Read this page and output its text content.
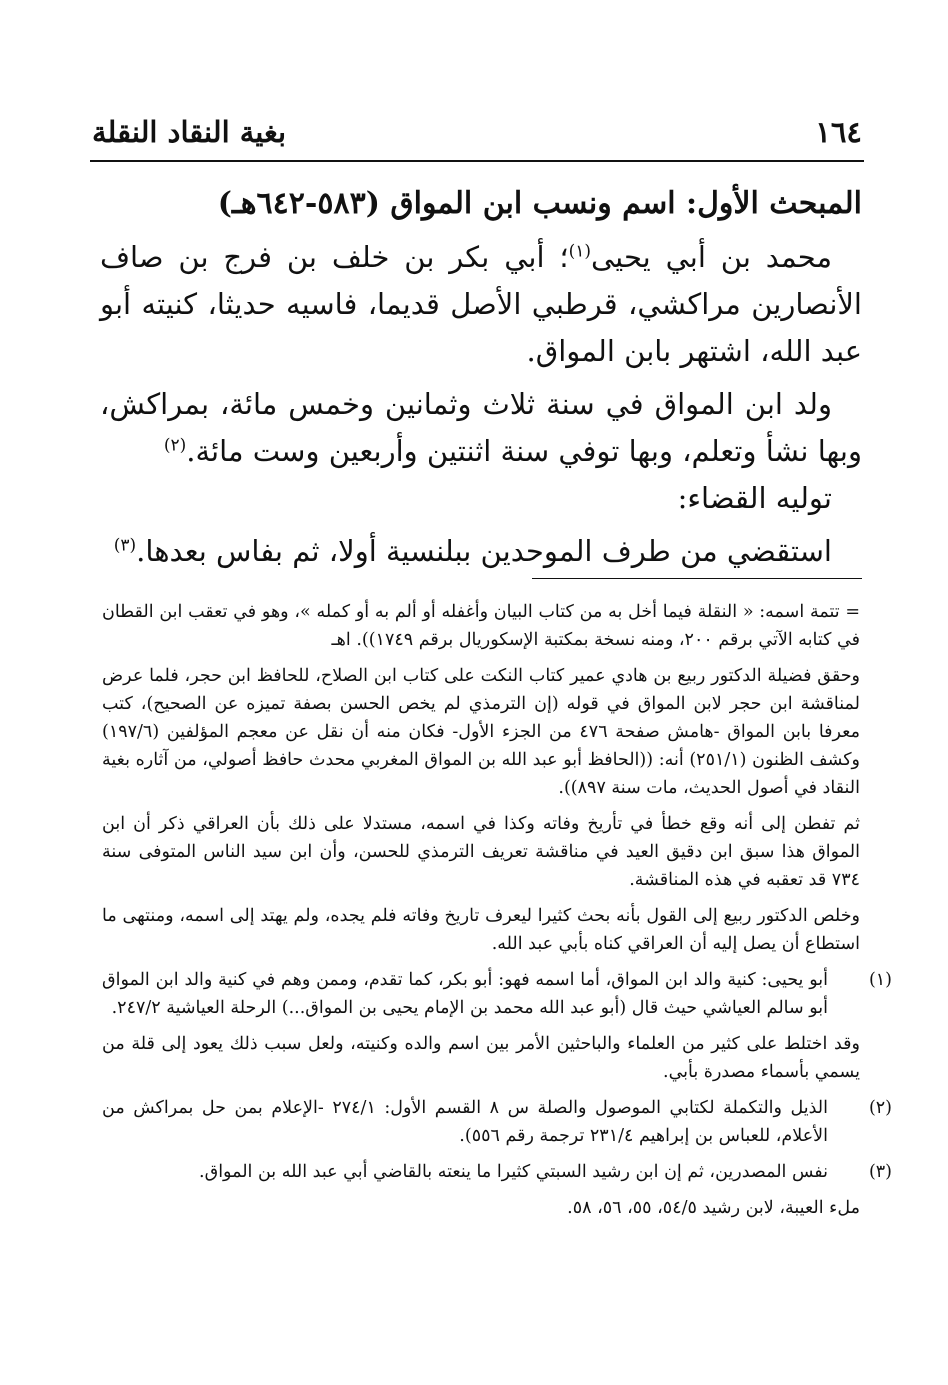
١٦٤
بغية النقاد النقلة
المبحث الأول: اسم ونسب ابن المواق (٥٨٣-٦٤٢هـ)

محمد بن أبي يحيى$^{(١)}$؛ أبي بكر بن خلف بن فرج بن صاف الأنصارين مراكشي، قرطبي الأصل قديما، فاسيه حديثا، كنيته أبو عبد الله، اشتهر بابن المواق.

ولد ابن المواق في سنة ثلاث وثمانين وخمس مائة، بمراكش، وبها نشأ وتعلم، وبها توفي سنة اثنتين وأربعين وست مائة.$^{(٢)}$

توليه القضاء:

استقضي من طرف الموحدين ببلنسية أولا، ثم بفاس بعدها.$^{(٣)}$

= تتمة اسمه: « النقلة فيما أخل به من كتاب البيان وأغفله أو ألم به أو كمله »، وهو في تعقب ابن القطان في كتابه الآتي برقم ٢٠٠، ومنه نسخة بمكتبة الإسكوريال برقم ١٧٤٩)). اهـ

وحقق فضيلة الدكتور ربيع بن هادي عمير كتاب النكت على كتاب ابن الصلاح، للحافظ ابن حجر، فلما عرض لمناقشة ابن حجر لابن المواق في قوله (إن الترمذي لم يخص الحسن بصفة تميزه عن الصحيح)، كتب معرفا بابن المواق -هامش صفحة ٤٧٦ من الجزء الأول- فكان منه أن نقل عن معجم المؤلفين (١٩٧/٦) وكشف الظنون (٢٥١/١) أنه: ((الحافظ أبو عبد الله بن المواق المغربي محدث حافظ أصولي، من آثاره بغية النقاد في أصول الحديث، مات سنة ٨٩٧)).

ثم تفطن إلى أنه وقع خطأ في تأريخ وفاته وكذا في اسمه، مستدلا على ذلك بأن العراقي ذكر أن ابن المواق هذا سبق ابن دقيق العيد في مناقشة تعريف الترمذي للحسن، وأن ابن سيد الناس المتوفى سنة ٧٣٤ قد تعقبه في هذه المناقشة.

وخلص الدكتور ربيع إلى القول بأنه بحث كثيرا ليعرف تاريخ وفاته فلم يجده، ولم يهتد إلى اسمه، ومنتهى ما استطاع أن يصل إليه أن العراقي كناه بأبي عبد الله.

(١)أبو يحيى: كنية والد ابن المواق، أما اسمه فهو: أبو بكر، كما تقدم، وممن وهم في كنية والد ابن المواق أبو سالم العياشي حيث قال (أبو عبد الله محمد بن الإمام يحيى بن المواق...) الرحلة العياشية ٢٤٧/٢.

وقد اختلط على كثير من العلماء والباحثين الأمر بين اسم والده وكنيته، ولعل سبب ذلك يعود إلى قلة من يسمي بأسماء مصدرة بأبي.

(٢)الذيل والتكملة لكتابي الموصول والصلة س ٨ القسم الأول: ٢٧٤/١ -الإعلام بمن حل بمراكش من الأعلام، للعباس بن إبراهيم ٢٣١/٤ ترجمة رقم ٥٥٦).

(٣)نفس المصدرين، ثم إن ابن رشيد السبتي كثيرا ما ينعته بالقاضي أبي عبد الله بن المواق.

ملء العيبة، لابن رشيد ٥٤/٥، ٥٥، ٥٦، ٥٨.
